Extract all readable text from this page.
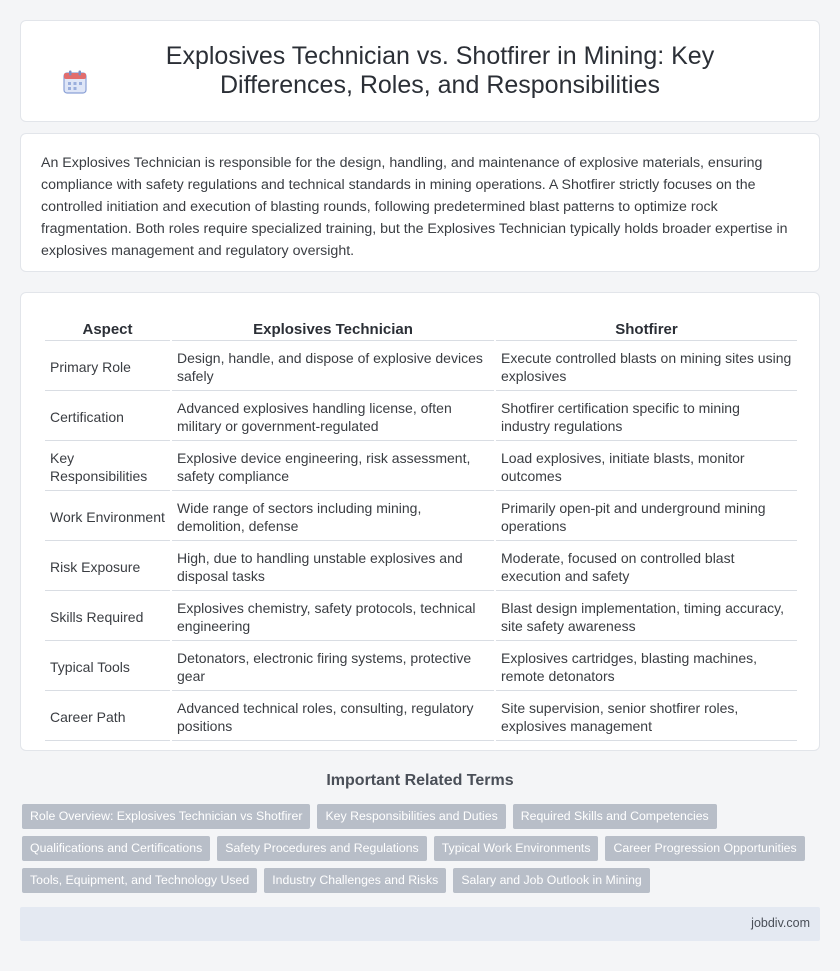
Explosives Technician vs. Shotfirer in Mining: Key Differences, Roles, and Responsibilities

An Explosives Technician is responsible for the design, handling, and maintenance of explosive materials, ensuring compliance with safety regulations and technical standards in mining operations. A Shotfirer strictly focuses on the controlled initiation and execution of blasting rounds, following predetermined blast patterns to optimize rock fragmentation. Both roles require specialized training, but the Explosives Technician typically holds broader expertise in explosives management and regulatory oversight.

Aspect	Explosives Technician	Shotfirer
Primary Role	Design, handle, and dispose of explosive devices safely	Execute controlled blasts on mining sites using explosives
Certification	Advanced explosives handling license, often military or government-regulated	Shotfirer certification specific to mining industry regulations
Key Responsibilities	Explosive device engineering, risk assessment, safety compliance	Load explosives, initiate blasts, monitor outcomes
Work Environment	Wide range of sectors including mining, demolition, defense	Primarily open-pit and underground mining operations
Risk Exposure	High, due to handling unstable explosives and disposal tasks	Moderate, focused on controlled blast execution and safety
Skills Required	Explosives chemistry, safety protocols, technical engineering	Blast design implementation, timing accuracy, site safety awareness
Typical Tools	Detonators, electronic firing systems, protective gear	Explosives cartridges, blasting machines, remote detonators
Career Path	Advanced technical roles, consulting, regulatory positions	Site supervision, senior shotfirer roles, explosives management
Important Related Terms
Role Overview: Explosives Technician vs Shotfirer	Key Responsibilities and Duties	Required Skills and Competencies
Qualifications and Certifications	Safety Procedures and Regulations	Typical Work Environments	Career Progression Opportunities
Tools, Equipment, and Technology Used	Industry Challenges and Risks	Salary and Job Outlook in Mining
jobdiv.com
